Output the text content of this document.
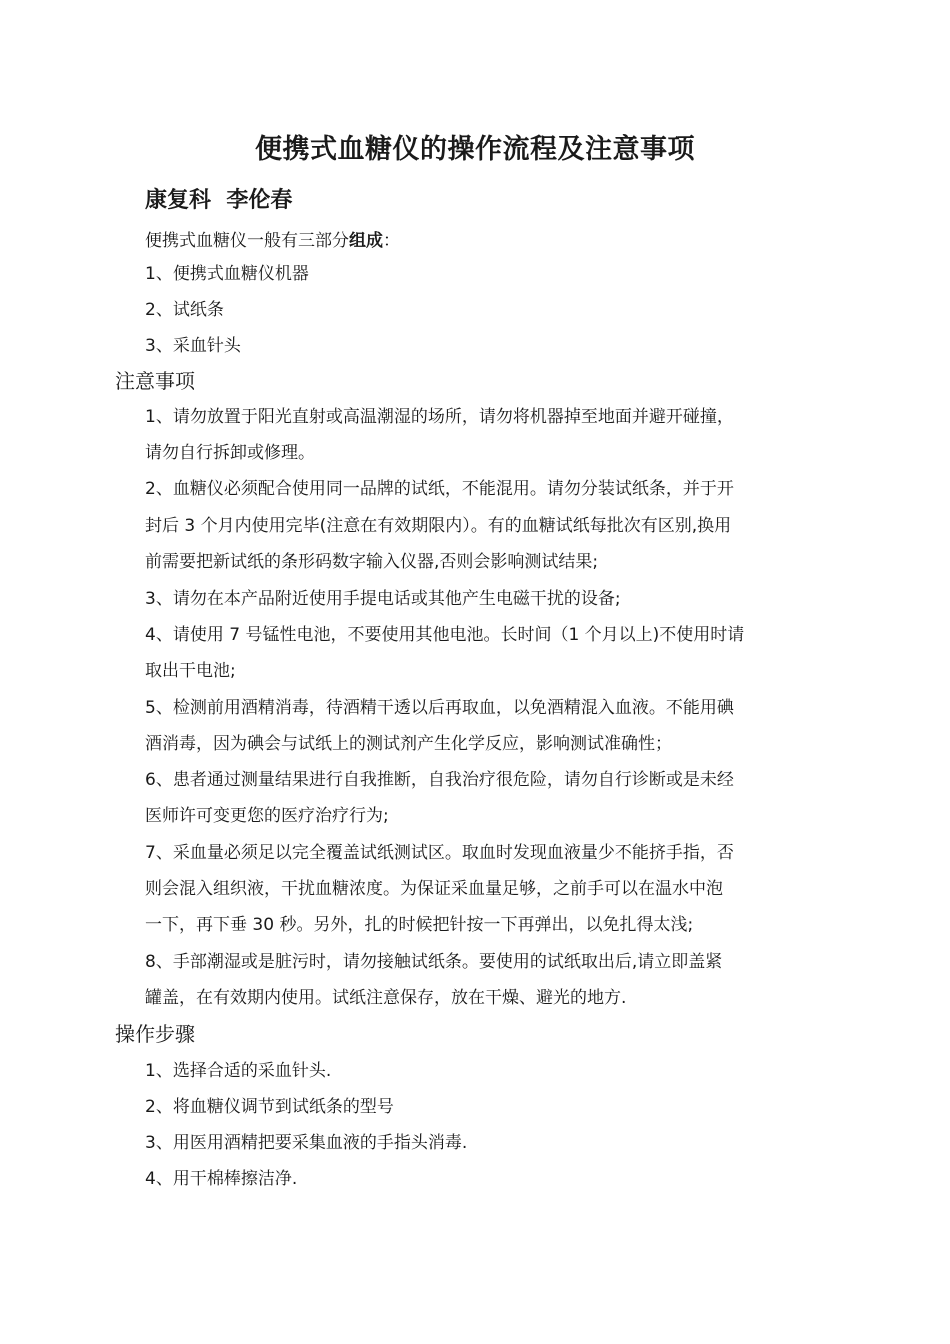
便携式血糖仪的操作流程及注意事项
康复科  李伦春
便携式血糖仪一般有三部分组成：
1、便携式血糖仪机器
2、试纸条
3、采血针头
注意事项
1、请勿放置于阳光直射或高温潮湿的场所，请勿将机器掉至地面并避开碰撞，
请勿自行拆卸或修理。
2、血糖仪必须配合使用同一品牌的试纸，不能混用。请勿分装试纸条，并于开
封后 3 个月内使用完毕(注意在有效期限内）。有的血糖试纸每批次有区别,换用
前需要把新试纸的条形码数字输入仪器,否则会影响测试结果;
3、请勿在本产品附近使用手提电话或其他产生电磁干扰的设备;
4、请使用 7 号锰性电池，不要使用其他电池。长时间（1 个月以上)不使用时请
取出干电池;
5、检测前用酒精消毒，待酒精干透以后再取血，以免酒精混入血液。不能用碘
酒消毒，因为碘会与试纸上的测试剂产生化学反应，影响测试准确性；
6、患者通过测量结果进行自我推断，自我治疗很危险，请勿自行诊断或是未经
医师许可变更您的医疗治疗行为;
7、采血量必须足以完全覆盖试纸测试区。取血时发现血液量少不能挤手指，否
则会混入组织液，干扰血糖浓度。为保证采血量足够，之前手可以在温水中泡
一下，再下垂 30 秒。另外，扎的时候把针按一下再弹出，以免扎得太浅;
8、手部潮湿或是脏污时，请勿接触试纸条。要使用的试纸取出后,请立即盖紧
罐盖，在有效期内使用。试纸注意保存，放在干燥、避光的地方.
操作步骤
1、选择合适的采血针头.
2、将血糖仪调节到试纸条的型号
3、用医用酒精把要采集血液的手指头消毒.
4、用干棉棒擦洁净.
